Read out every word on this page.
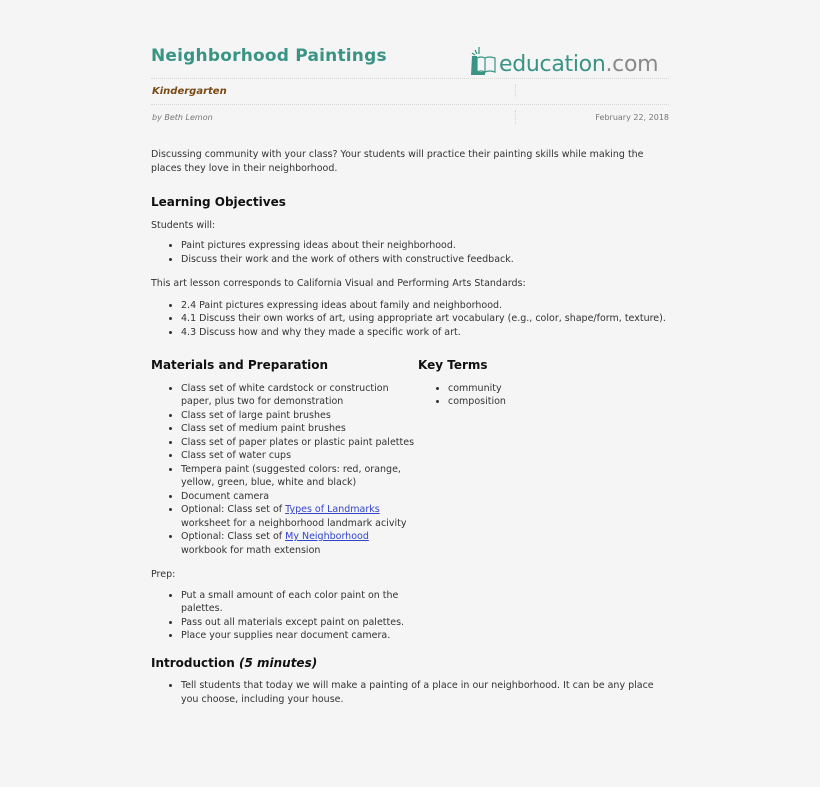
Neighborhood Paintings	education.com
Kindergarten
by Beth Lemon	February 22, 2018

Discussing community with your class? Your students will practice their painting skills while making the places they love in their neighborhood.

Learning Objectives

Students will:

• Paint pictures expressing ideas about their neighborhood.
• Discuss their work and the work of others with constructive feedback.

This art lesson corresponds to California Visual and Performing Arts Standards:

• 2.4 Paint pictures expressing ideas about family and neighborhood.
• 4.1 Discuss their own works of art, using appropriate art vocabulary (e.g., color, shape/form, texture).
• 4.3 Discuss how and why they made a specific work of art.
Materials and Preparation
• Class set of white cardstock or construction paper, plus two for demonstration
• Class set of large paint brushes
• Class set of medium paint brushes
• Class set of paper plates or plastic paint palettes
• Class set of water cups
• Tempera paint (suggested colors: red, orange, yellow, green, blue, white and black)
• Document camera
• Optional: Class set of Types of Landmarks worksheet for a neighborhood landmark acivity
• Optional: Class set of My Neighborhood workbook for math extension
Key Terms
• community
• composition

Prep:

• Put a small amount of each color paint on the palettes.
• Pass out all materials except paint on palettes.
• Place your supplies near document camera.
Introduction (5 minutes)
• Tell students that today we will make a painting of a place in our neighborhood. It can be any place you choose, including your house.
